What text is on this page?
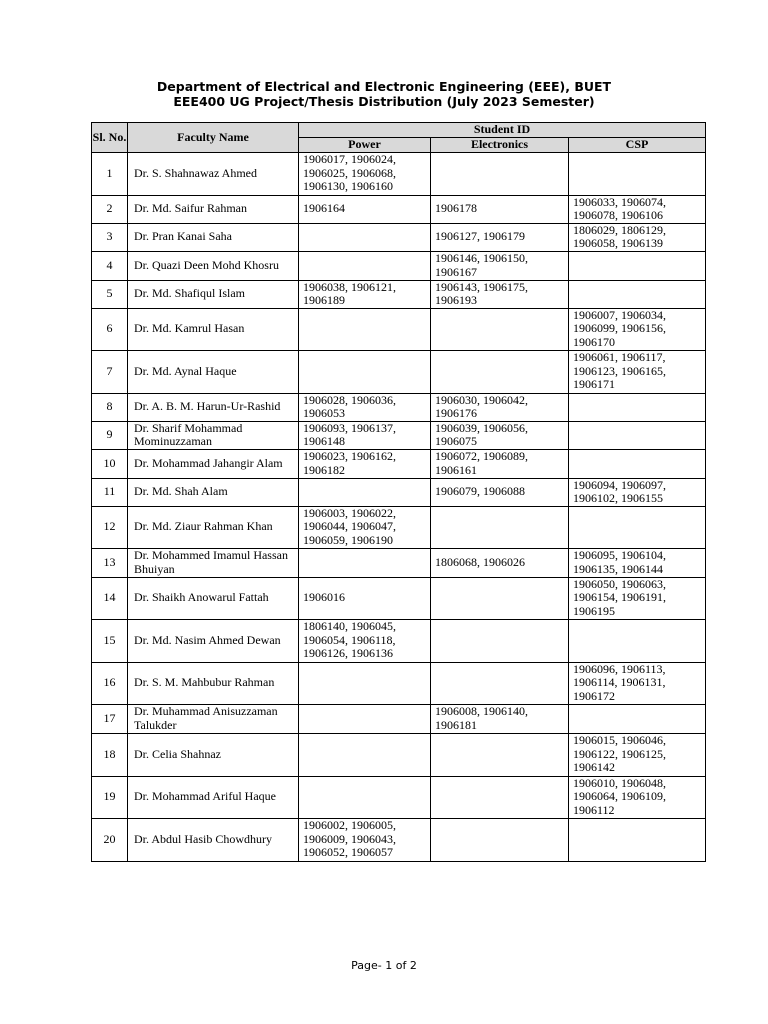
Department of Electrical and Electronic Engineering (EEE), BUET
EEE400 UG Project/Thesis Distribution (July 2023 Semester)
Sl. No.	Faculty Name	Student ID		
		Power	Electronics	CSP
1	Dr. S. Shahnawaz Ahmed	1906017, 1906024, 1906025, 1906068, 1906130, 1906160		
2	Dr. Md. Saifur Rahman	1906164	1906178	1906033, 1906074, 1906078, 1906106
3	Dr. Pran Kanai Saha		1906127, 1906179	1806029, 1806129, 1906058, 1906139
4	Dr. Quazi Deen Mohd Khosru		1906146, 1906150, 1906167	
5	Dr. Md. Shafiqul Islam	1906038, 1906121, 1906189	1906143, 1906175, 1906193	
6	Dr. Md. Kamrul Hasan			1906007, 1906034, 1906099, 1906156, 1906170
7	Dr. Md. Aynal Haque			1906061, 1906117, 1906123, 1906165, 1906171
8	Dr. A. B. M. Harun-Ur-Rashid	1906028, 1906036, 1906053	1906030, 1906042, 1906176	
9	Dr. Sharif Mohammad Mominuzzaman	1906093, 1906137, 1906148	1906039, 1906056, 1906075	
10	Dr. Mohammad Jahangir Alam	1906023, 1906162, 1906182	1906072, 1906089, 1906161	
11	Dr. Md. Shah Alam		1906079, 1906088	1906094, 1906097, 1906102, 1906155
12	Dr. Md. Ziaur Rahman Khan	1906003, 1906022, 1906044, 1906047, 1906059, 1906190		
13	Dr. Mohammed Imamul Hassan Bhuiyan		1806068, 1906026	1906095, 1906104, 1906135, 1906144
14	Dr. Shaikh Anowarul Fattah	1906016		1906050, 1906063, 1906154, 1906191, 1906195
15	Dr. Md. Nasim Ahmed Dewan	1806140, 1906045, 1906054, 1906118, 1906126, 1906136		
16	Dr. S. M. Mahbubur Rahman			1906096, 1906113, 1906114, 1906131, 1906172
17	Dr. Muhammad Anisuzzaman Talukder		1906008, 1906140, 1906181	
18	Dr. Celia Shahnaz			1906015, 1906046, 1906122, 1906125, 1906142
19	Dr. Mohammad Ariful Haque			1906010, 1906048, 1906064, 1906109, 1906112
20	Dr. Abdul Hasib Chowdhury	1906002, 1906005, 1906009, 1906043, 1906052, 1906057		
Page- 1 of 2
